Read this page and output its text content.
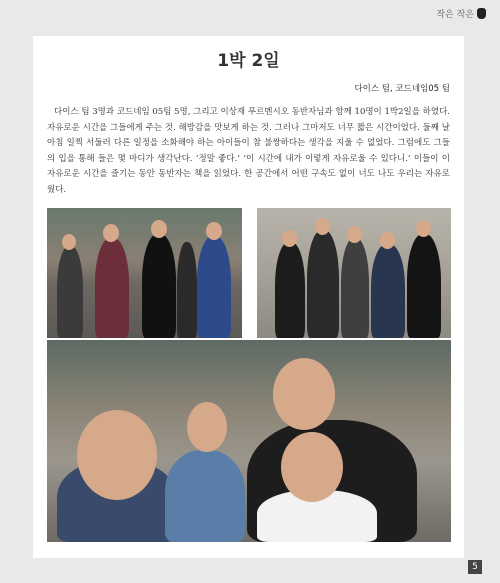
작은 작은
1박 2일
다이스 팀, 코드네임05 팀

다이스 팀 3명과 코드네임 05팀 5명, 그리고 이상재 푸르멘시오 동반자님과 함께 10명이 1박2일을 하였다. 자유로운 시간을 그들에게 주는 것. 해방감을 맛보게 하는 것. 그러나 그마저도 너무 짧은 시간이었다. 둘째 날 아침 일찍 서둘러 다른 일정을 소화해야 하는 아이들이 참 불쌍하다는 생각을 지울 수 없었다. 그럼에도 그들의 입을 통해 들은 몇 마디가 생각난다. ‘정말 좋다.’ ‘이 시간에 내가 이렇게 자유로울 수 있다니.’ 이들이 이 자유로운 시간을 즐기는 동안 동반자는 책을 읽었다. 한 공간에서 어떤 구속도 없이 너도 나도 우리는 자유로웠다.

5
